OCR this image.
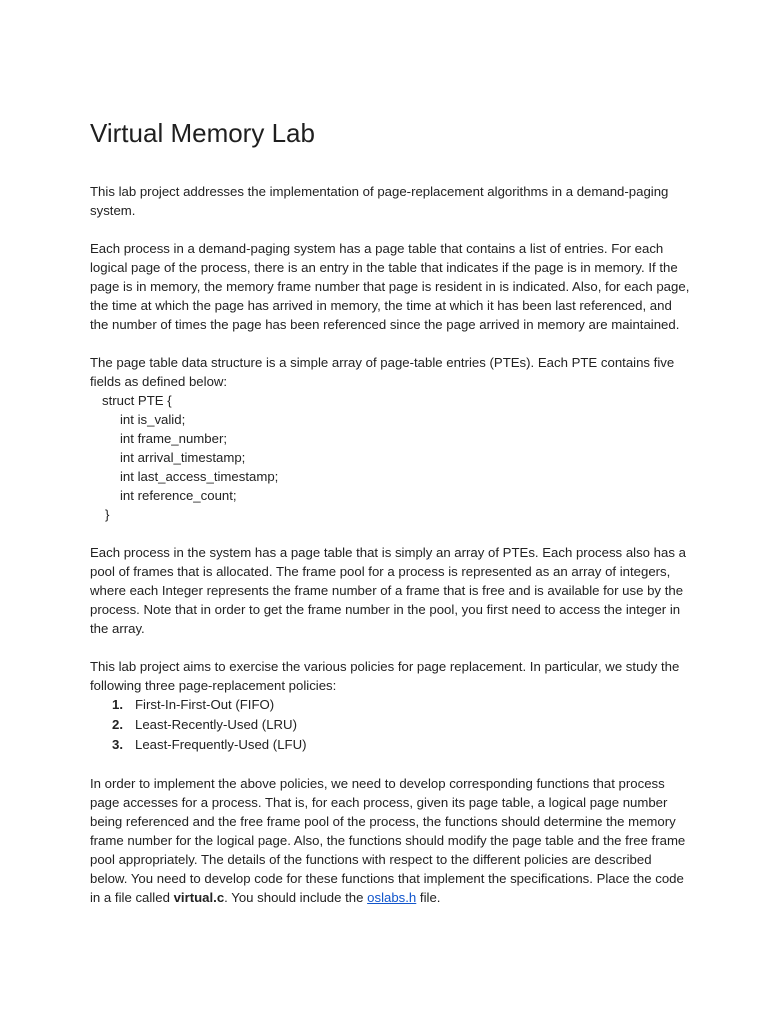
Virtual Memory Lab

This lab project addresses the implementation of page-replacement algorithms in a demand-paging system.

Each process in a demand-paging system has a page table that contains a list of entries. For each logical page of the process, there is an entry in the table that indicates if the page is in memory. If the page is in memory, the memory frame number that page is resident in is indicated. Also, for each page, the time at which the page has arrived in memory, the time at which it has been last referenced, and the number of times the page has been referenced since the page arrived in memory are maintained.

The page table data structure is a simple array of page-table entries (PTEs). Each PTE contains five fields as defined below:

struct PTE {
int is_valid;
int frame_number;
int arrival_timestamp;
int last_access_timestamp;
int reference_count;
}

Each process in the system has a page table that is simply an array of PTEs. Each process also has a pool of frames that is allocated. The frame pool for a process is represented as an array of integers, where each Integer represents the frame number of a frame that is free and is available for use by the process. Note that in order to get the frame number in the pool, you first need to access the integer in the array.

This lab project aims to exercise the various policies for page replacement. In particular, we study the following three page-replacement policies:

1. First-In-First-Out (FIFO)
2. Least-Recently-Used (LRU)
3. Least-Frequently-Used (LFU)

In order to implement the above policies, we need to develop corresponding functions that process page accesses for a process. That is, for each process, given its page table, a logical page number being referenced and the free frame pool of the process, the functions should determine the memory frame number for the logical page. Also, the functions should modify the page table and the free frame pool appropriately. The details of the functions with respect to the different policies are described below. You need to develop code for these functions that implement the specifications. Place the code in a file called virtual.c. You should include the oslabs.h file.
